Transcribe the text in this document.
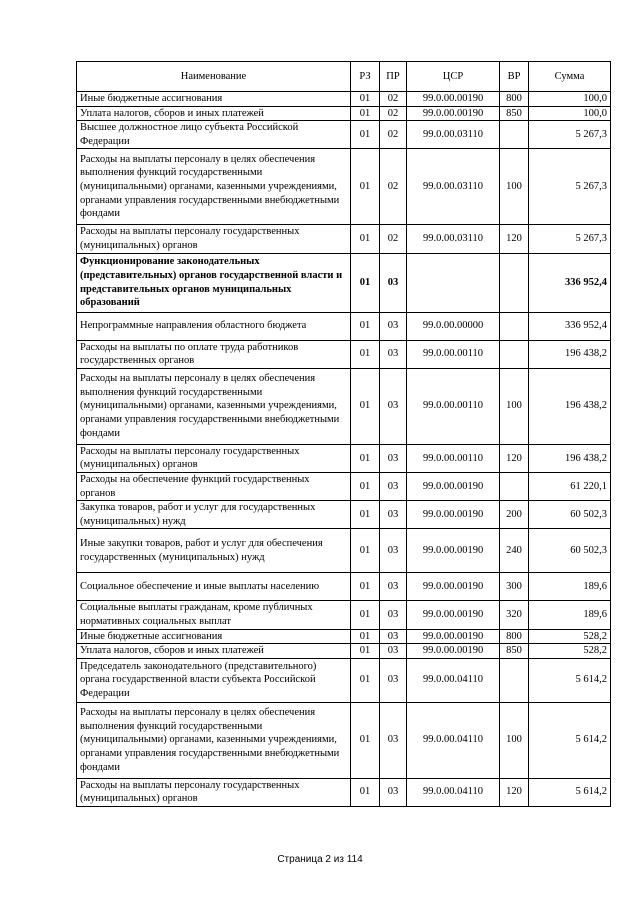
Наименование	РЗ	ПР	ЦСР	ВР	Сумма
Иные бюджетные ассигнования	01	02	99.0.00.00190	800	100,0
Уплата налогов, сборов и иных платежей	01	02	99.0.00.00190	850	100,0
Высшее должностное лицо субъекта Российской Федерации	01	02	99.0.00.03110		5 267,3
Расходы на выплаты персоналу в целях обеспечения выполнения функций государственными (муниципальными) органами, казенными учреждениями, органами управления государственными внебюджетными фондами	01	02	99.0.00.03110	100	5 267,3
Расходы на выплаты персоналу государственных (муниципальных) органов	01	02	99.0.00.03110	120	5 267,3
Функционирование законодательных (представительных) органов государственной власти и представительных органов муниципальных образований	01	03			336 952,4
Непрограммные направления областного бюджета	01	03	99.0.00.00000		336 952,4
Расходы на выплаты по оплате труда работников государственных органов	01	03	99.0.00.00110		196 438,2
Расходы на выплаты персоналу в целях обеспечения выполнения функций государственными (муниципальными) органами, казенными учреждениями, органами управления государственными внебюджетными фондами	01	03	99.0.00.00110	100	196 438,2
Расходы на выплаты персоналу государственных (муниципальных) органов	01	03	99.0.00.00110	120	196 438,2
Расходы на обеспечение функций государственных органов	01	03	99.0.00.00190		61 220,1
Закупка товаров, работ и услуг для государственных (муниципальных) нужд	01	03	99.0.00.00190	200	60 502,3
Иные закупки товаров, работ и услуг для обеспечения государственных (муниципальных) нужд	01	03	99.0.00.00190	240	60 502,3
Социальное обеспечение и иные выплаты населению	01	03	99.0.00.00190	300	189,6
Социальные выплаты гражданам, кроме публичных нормативных социальных выплат	01	03	99.0.00.00190	320	189,6
Иные бюджетные ассигнования	01	03	99.0.00.00190	800	528,2
Уплата налогов, сборов и иных платежей	01	03	99.0.00.00190	850	528,2
Председатель законодательного (представительного) органа государственной власти субъекта Российской Федерации	01	03	99.0.00.04110		5 614,2
Расходы на выплаты персоналу в целях обеспечения выполнения функций государственными (муниципальными) органами, казенными учреждениями, органами управления государственными внебюджетными фондами	01	03	99.0.00.04110	100	5 614,2
Расходы на выплаты персоналу государственных (муниципальных) органов	01	03	99.0.00.04110	120	5 614,2
Страница 2 из 114
